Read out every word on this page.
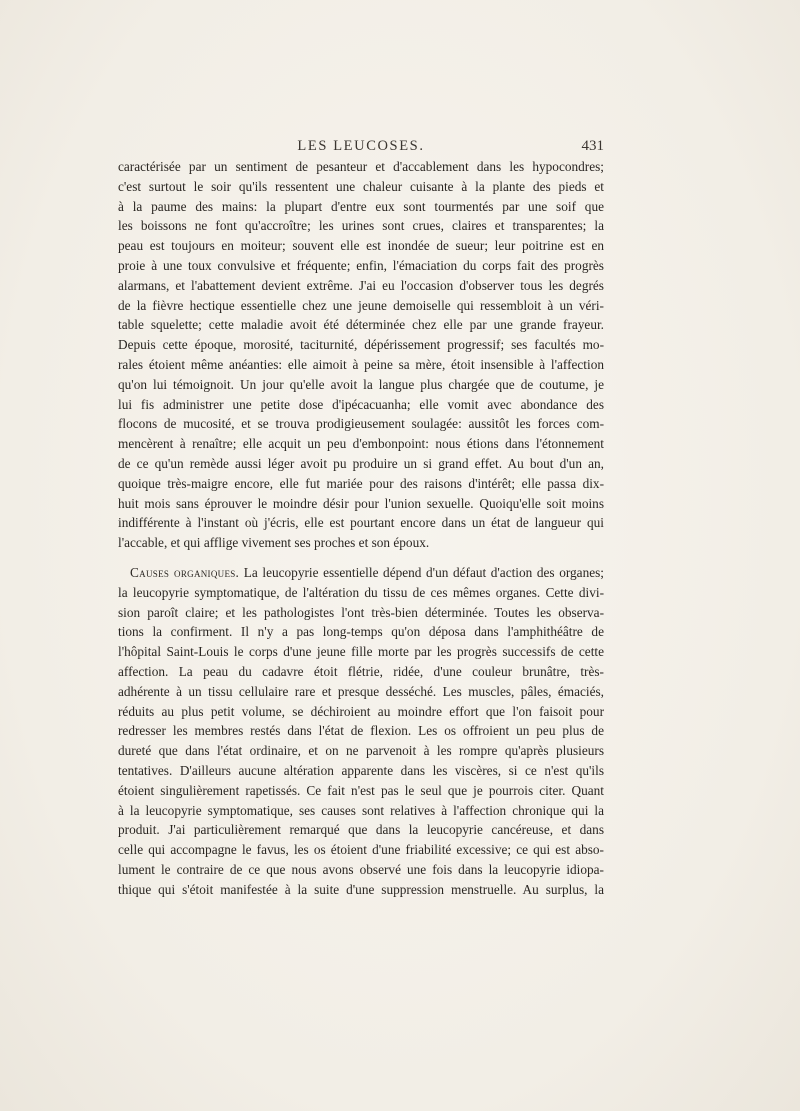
LES LEUCOSES.	431
caractérisée par un sentiment de pesanteur et d'accablement dans les hypocondres;
c'est surtout le soir qu'ils ressentent une chaleur cuisante à la plante des pieds et
à la paume des mains: la plupart d'entre eux sont tourmentés par une soif que
les boissons ne font qu'accroître; les urines sont crues, claires et transparentes; la
peau est toujours en moiteur; souvent elle est inondée de sueur; leur poitrine est en
proie à une toux convulsive et fréquente; enfin, l'émaciation du corps fait des progrès
alarmans, et l'abattement devient extrême. J'ai eu l'occasion d'observer tous les degrés
de la fièvre hectique essentielle chez une jeune demoiselle qui ressembloit à un véri-
table squelette; cette maladie avoit été déterminée chez elle par une grande frayeur.
Depuis cette époque, morosité, taciturnité, dépérissement progressif; ses facultés mo-
rales étoient même anéanties: elle aimoit à peine sa mère, étoit insensible à l'affection
qu'on lui témoignoit. Un jour qu'elle avoit la langue plus chargée que de coutume, je
lui fis administrer une petite dose d'ipécacuanha; elle vomit avec abondance des
flocons de mucosité, et se trouva prodigieusement soulagée: aussitôt les forces com-
mencèrent à renaître; elle acquit un peu d'embonpoint: nous étions dans l'étonnement
de ce qu'un remède aussi léger avoit pu produire un si grand effet. Au bout d'un an,
quoique très-maigre encore, elle fut mariée pour des raisons d'intérêt; elle passa dix-
huit mois sans éprouver le moindre désir pour l'union sexuelle. Quoiqu'elle soit moins
indifférente à l'instant où j'écris, elle est pourtant encore dans un état de langueur qui
l'accable, et qui afflige vivement ses proches et son époux.
Causes organiques. La leucopyrie essentielle dépend d'un défaut d'action des organes;
la leucopyrie symptomatique, de l'altération du tissu de ces mêmes organes. Cette divi-
sion paroît claire; et les pathologistes l'ont très-bien déterminée. Toutes les observa-
tions la confirment. Il n'y a pas long-temps qu'on déposa dans l'amphithéâtre de
l'hôpital Saint-Louis le corps d'une jeune fille morte par les progrès successifs de cette
affection. La peau du cadavre étoit flétrie, ridée, d'une couleur brunâtre, très-
adhérente à un tissu cellulaire rare et presque desséché. Les muscles, pâles, émaciés,
réduits au plus petit volume, se déchiroient au moindre effort que l'on faisoit pour
redresser les membres restés dans l'état de flexion. Les os offroient un peu plus de
dureté que dans l'état ordinaire, et on ne parvenoit à les rompre qu'après plusieurs
tentatives. D'ailleurs aucune altération apparente dans les viscères, si ce n'est qu'ils
étoient singulièrement rapetissés. Ce fait n'est pas le seul que je pourrois citer. Quant
à la leucopyrie symptomatique, ses causes sont relatives à l'affection chronique qui la
produit. J'ai particulièrement remarqué que dans la leucopyrie cancéreuse, et dans
celle qui accompagne le favus, les os étoient d'une friabilité excessive; ce qui est abso-
lument le contraire de ce que nous avons observé une fois dans la leucopyrie idiopa-
thique qui s'étoit manifestée à la suite d'une suppression menstruelle. Au surplus, la
